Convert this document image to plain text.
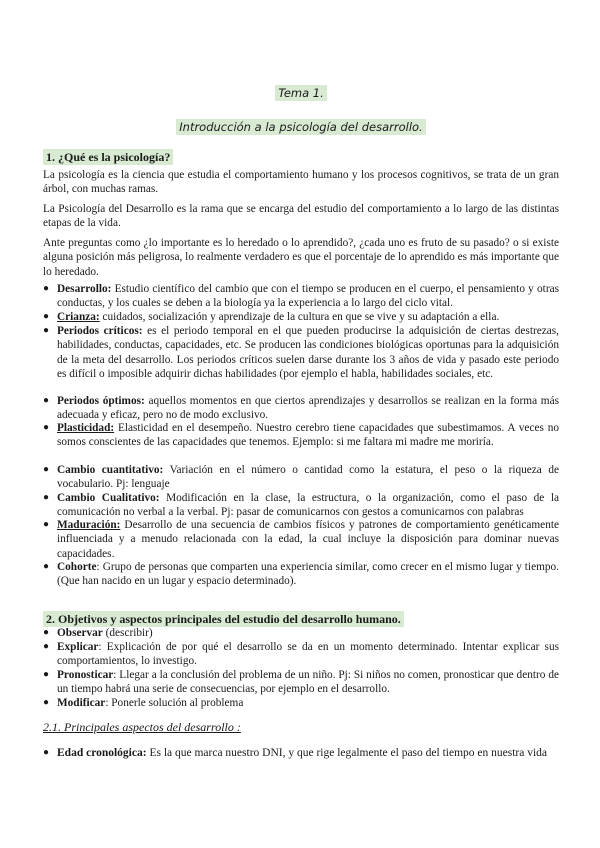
Tema 1.
Introducción a la psicología del desarrollo.
1. ¿Qué es la psicología?
La psicología es la ciencia que estudia el comportamiento humano y los procesos cognitivos, se trata de un gran árbol, con muchas ramas.
La Psicología del Desarrollo es la rama que se encarga del estudio del comportamiento a lo largo de las distintas etapas de la vida.
Ante preguntas como ¿lo importante es lo heredado o lo aprendido?, ¿cada uno es fruto de su pasado? o si existe alguna posición más peligrosa, lo realmente verdadero es que el porcentaje de lo aprendido es más importante que lo heredado.
● Desarrollo: Estudio científico del cambio que con el tiempo se producen en el cuerpo, el pensamiento y otras conductas, y los cuales se deben a la biología ya la experiencia a lo largo del ciclo vital.
● Crianza: cuidados, socialización y aprendizaje de la cultura en que se vive y su adaptación a ella.
● Periodos críticos: es el periodo temporal en el que pueden producirse la adquisición de ciertas destrezas, habilidades, conductas, capacidades, etc. Se producen las condiciones biológicas oportunas para la adquisición de la meta del desarrollo. Los periodos críticos suelen darse durante los 3 años de vida y pasado este periodo es difícil o imposible adquirir dichas habilidades (por ejemplo el habla, habilidades sociales, etc.
● Periodos óptimos: aquellos momentos en que ciertos aprendizajes y desarrollos se realizan en la forma más adecuada y eficaz, pero no de modo exclusivo.
● Plasticidad: Elasticidad en el desempeño. Nuestro cerebro tiene capacidades que subestimamos. A veces no somos conscientes de las capacidades que tenemos. Ejemplo: si me faltara mi madre me moriría.
● Cambio cuantitativo: Variación en el número o cantidad como la estatura, el peso o la riqueza de vocabulario. Pj: lenguaje
● Cambio Cualitativo: Modificación en la clase, la estructura, o la organización, como el paso de la comunicación no verbal a la verbal. Pj: pasar de comunicarnos con gestos a comunicarnos con palabras
● Maduración: Desarrollo de una secuencia de cambios físicos y patrones de comportamiento genéticamente influenciada y a menudo relacionada con la edad, la cual incluye la disposición para dominar nuevas capacidades.
● Cohorte: Grupo de personas que comparten una experiencia similar, como crecer en el mismo lugar y tiempo. (Que han nacido en un lugar y espacio determinado).
2. Objetivos y aspectos principales del estudio del desarrollo humano.
● Observar (describir)
● Explicar: Explicación de por qué el desarrollo se da en un momento determinado. Intentar explicar sus comportamientos, lo investigo.
● Pronosticar: Llegar a la conclusión del problema de un niño. Pj: Si niños no comen, pronosticar que dentro de un tiempo habrá una serie de consecuencias, por ejemplo en el desarrollo.
● Modificar: Ponerle solución al problema
2.1. Principales aspectos del desarrollo :
● Edad cronológica: Es la que marca nuestro DNI, y que rige legalmente el paso del tiempo en nuestra vida
